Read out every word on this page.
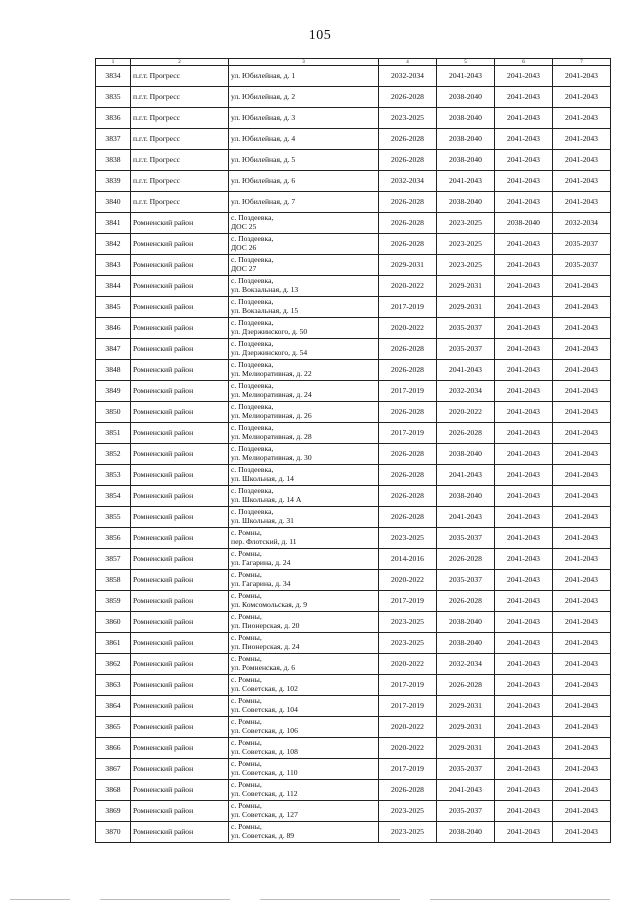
105
1	2	3	4	5	6	7
3834	п.г.т. Прогресс	ул. Юбилейная, д. 1	2032-2034	2041-2043	2041-2043	2041-2043
3835	п.г.т. Прогресс	ул. Юбилейная, д. 2	2026-2028	2038-2040	2041-2043	2041-2043
3836	п.г.т. Прогресс	ул. Юбилейная, д. 3	2023-2025	2038-2040	2041-2043	2041-2043
3837	п.г.т. Прогресс	ул. Юбилейная, д. 4	2026-2028	2038-2040	2041-2043	2041-2043
3838	п.г.т. Прогресс	ул. Юбилейная, д. 5	2026-2028	2038-2040	2041-2043	2041-2043
3839	п.г.т. Прогресс	ул. Юбилейная, д. 6	2032-2034	2041-2043	2041-2043	2041-2043
3840	п.г.т. Прогресс	ул. Юбилейная, д. 7	2026-2028	2038-2040	2041-2043	2041-2043
3841	Ромненский район	с. Поздеевка,
ДОС 25	2026-2028	2023-2025	2038-2040	2032-2034
3842	Ромненский район	с. Поздеевка,
ДОС 26	2026-2028	2023-2025	2041-2043	2035-2037
3843	Ромненский район	с. Поздеевка,
ДОС 27	2029-2031	2023-2025	2041-2043	2035-2037
3844	Ромненский район	с. Поздеевка,
ул. Вокзальная, д. 13	2020-2022	2029-2031	2041-2043	2041-2043
3845	Ромненский район	с. Поздеевка,
ул. Вокзальная, д. 15	2017-2019	2029-2031	2041-2043	2041-2043
3846	Ромненский район	с. Поздеевка,
ул. Дзержинского, д. 50	2020-2022	2035-2037	2041-2043	2041-2043
3847	Ромненский район	с. Поздеевка,
ул. Дзержинского, д. 54	2026-2028	2035-2037	2041-2043	2041-2043
3848	Ромненский район	с. Поздеевка,
ул. Мелиоративная, д. 22	2026-2028	2041-2043	2041-2043	2041-2043
3849	Ромненский район	с. Поздеевка,
ул. Мелиоративная, д. 24	2017-2019	2032-2034	2041-2043	2041-2043
3850	Ромненский район	с. Поздеевка,
ул. Мелиоративная, д. 26	2026-2028	2020-2022	2041-2043	2041-2043
3851	Ромненский район	с. Поздеевка,
ул. Мелиоративная, д. 28	2017-2019	2026-2028	2041-2043	2041-2043
3852	Ромненский район	с. Поздеевка,
ул. Мелиоративная, д. 30	2026-2028	2038-2040	2041-2043	2041-2043
3853	Ромненский район	с. Поздеевка,
ул. Школьная, д. 14	2026-2028	2041-2043	2041-2043	2041-2043
3854	Ромненский район	с. Поздеевка,
ул. Школьная, д. 14 А	2026-2028	2038-2040	2041-2043	2041-2043
3855	Ромненский район	с. Поздеевка,
ул. Школьная, д. 31	2026-2028	2041-2043	2041-2043	2041-2043
3856	Ромненский район	с. Ромны,
пер. Флотский, д. 11	2023-2025	2035-2037	2041-2043	2041-2043
3857	Ромненский район	с. Ромны,
ул. Гагарина, д. 24	2014-2016	2026-2028	2041-2043	2041-2043
3858	Ромненский район	с. Ромны,
ул. Гагарина, д. 34	2020-2022	2035-2037	2041-2043	2041-2043
3859	Ромненский район	с. Ромны,
ул. Комсомольская, д. 9	2017-2019	2026-2028	2041-2043	2041-2043
3860	Ромненский район	с. Ромны,
ул. Пионерская, д. 20	2023-2025	2038-2040	2041-2043	2041-2043
3861	Ромненский район	с. Ромны,
ул. Пионерская, д. 24	2023-2025	2038-2040	2041-2043	2041-2043
3862	Ромненский район	с. Ромны,
ул. Ромненская, д. 6	2020-2022	2032-2034	2041-2043	2041-2043
3863	Ромненский район	с. Ромны,
ул. Советская, д. 102	2017-2019	2026-2028	2041-2043	2041-2043
3864	Ромненский район	с. Ромны,
ул. Советская, д. 104	2017-2019	2029-2031	2041-2043	2041-2043
3865	Ромненский район	с. Ромны,
ул. Советская, д. 106	2020-2022	2029-2031	2041-2043	2041-2043
3866	Ромненский район	с. Ромны,
ул. Советская, д. 108	2020-2022	2029-2031	2041-2043	2041-2043
3867	Ромненский район	с. Ромны,
ул. Советская, д. 110	2017-2019	2035-2037	2041-2043	2041-2043
3868	Ромненский район	с. Ромны,
ул. Советская, д. 112	2026-2028	2041-2043	2041-2043	2041-2043
3869	Ромненский район	с. Ромны,
ул. Советская, д. 127	2023-2025	2035-2037	2041-2043	2041-2043
3870	Ромненский район	с. Ромны,
ул. Советская, д. 89	2023-2025	2038-2040	2041-2043	2041-2043
